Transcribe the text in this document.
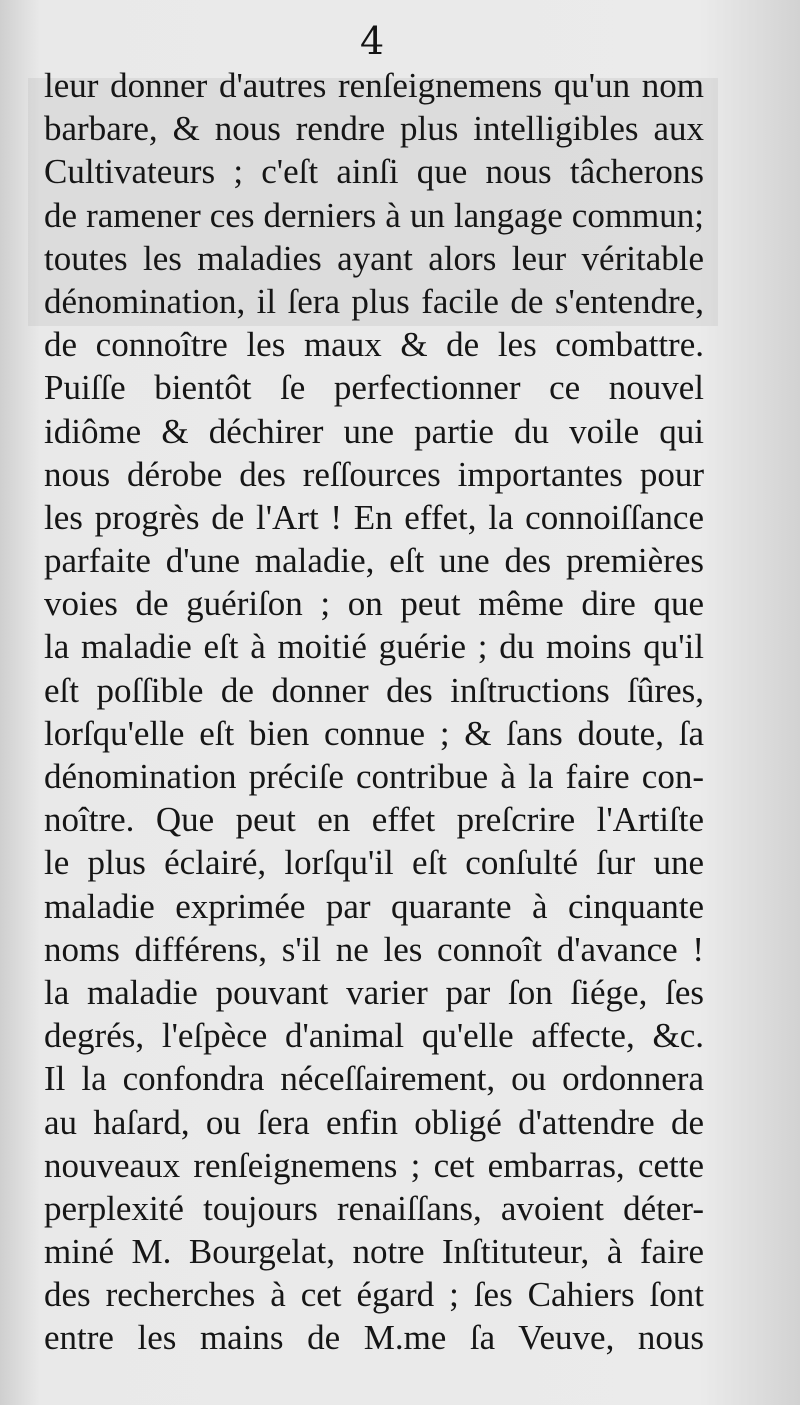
4
leur donner d'autres renſeignemens qu'un nom
barbare, & nous rendre plus intelligibles aux
Cultivateurs ; c'eſt ainſi que nous tâcherons
de ramener ces derniers à un langage commun;
toutes les maladies ayant alors leur véritable
dénomination, il ſera plus facile de s'entendre,
de connoître les maux & de les combattre.
Puiſſe bientôt ſe perfectionner ce nouvel
idiôme & déchirer une partie du voile qui
nous dérobe des reſſources importantes pour
les progrès de l'Art ! En effet, la connoiſſance
parfaite d'une maladie, eſt une des premières
voies de guériſon ; on peut même dire que
la maladie eſt à moitié guérie ; du moins qu'il
eſt poſſible de donner des inſtructions ſûres,
lorſqu'elle eſt bien connue ; & ſans doute, ſa
dénomination préciſe contribue à la faire con-
noître. Que peut en effet preſcrire l'Artiſte
le plus éclairé, lorſqu'il eſt conſulté ſur une
maladie exprimée par quarante à cinquante
noms différens, s'il ne les connoît d'avance !
la maladie pouvant varier par ſon ſiége, ſes
degrés, l'eſpèce d'animal qu'elle affecte, &c.
Il la confondra néceſſairement, ou ordonnera
au haſard, ou ſera enfin obligé d'attendre de
nouveaux renſeignemens ; cet embarras, cette
perplexité toujours renaiſſans, avoient déter-
miné M. Bourgelat, notre Inſtituteur, à faire
des recherches à cet égard ; ſes Cahiers ſont
entre les mains de M.me ſa Veuve, nous
